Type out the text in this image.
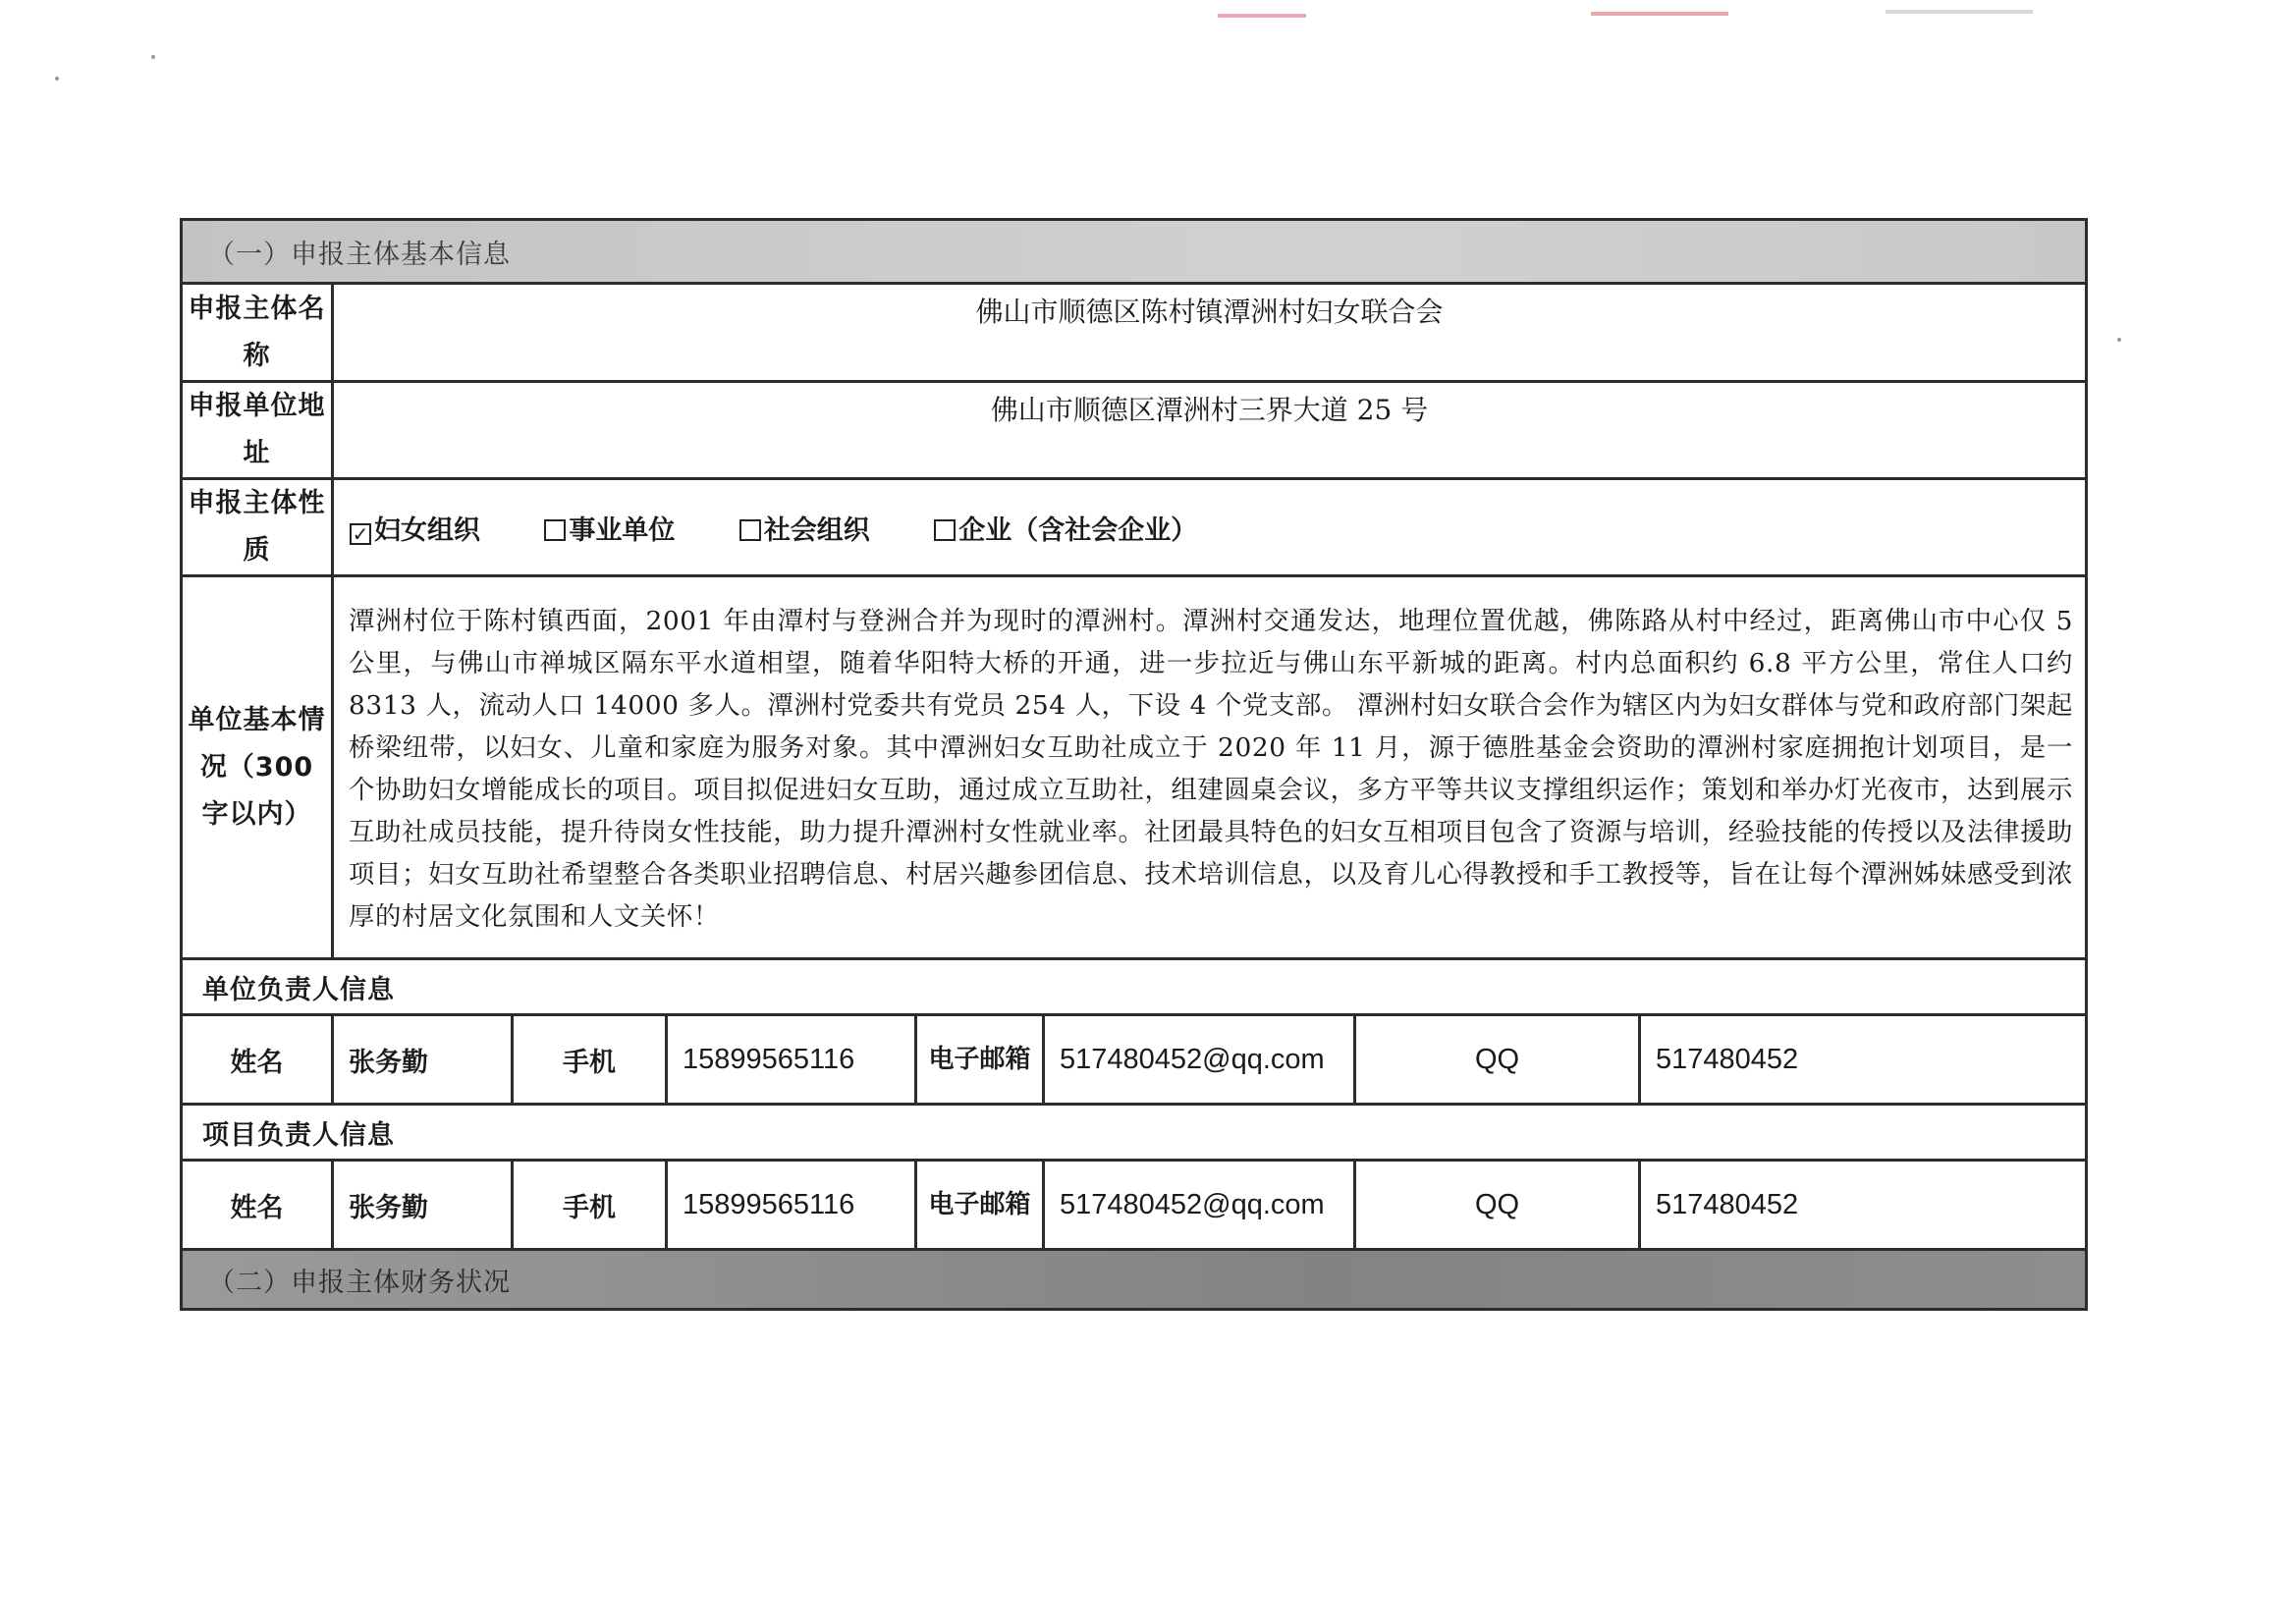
（一）申报主体基本信息							
申报主体名称	佛山市顺德区陈村镇潭洲村妇女联合会						
申报单位地址	佛山市顺德区潭洲村三界大道 25 号						
申报主体性质	✓ 妇女组织 事业单位 社会组织 企业（含社会企业）						
单位基本情况（300 字以内）	潭洲村位于陈村镇西面，2001 年由潭村与登洲合并为现时的潭洲村。潭洲村交通发达，地理位置优越，佛陈路从村中经过，距离佛山市中心仅 5 公里，与佛山市禅城区隔东平水道相望，随着华阳特大桥的开通，进一步拉近与佛山东平新城的距离。村内总面积约 6.8 平方公里，常住人口约 8313 人，流动人口 14000 多人。潭洲村党委共有党员 254 人，下设 4 个党支部。 潭洲村妇女联合会作为辖区内为妇女群体与党和政府部门架起桥梁纽带，以妇女、儿童和家庭为服务对象。其中潭洲妇女互助社成立于 2020 年 11 月，源于德胜基金会资助的潭洲村家庭拥抱计划项目，是一个协助妇女增能成长的项目。项目拟促进妇女互助，通过成立互助社，组建圆桌会议，多方平等共议支撑组织运作；策划和举办灯光夜市，达到展示互助社成员技能，提升待岗女性技能，助力提升潭洲村女性就业率。社团最具特色的妇女互相项目包含了资源与培训，经验技能的传授以及法律援助项目；妇女互助社希望整合各类职业招聘信息、村居兴趣参团信息、技术培训信息，以及育儿心得教授和手工教授等，旨在让每个潭洲姊妹感受到浓厚的村居文化氛围和人文关怀！						
单位负责人信息							
姓名	张务勤	手机	15899565116	电子邮箱	517480452@qq.com	QQ	517480452
项目负责人信息							
姓名	张务勤	手机	15899565116	电子邮箱	517480452@qq.com	QQ	517480452
（二）申报主体财务状况							
